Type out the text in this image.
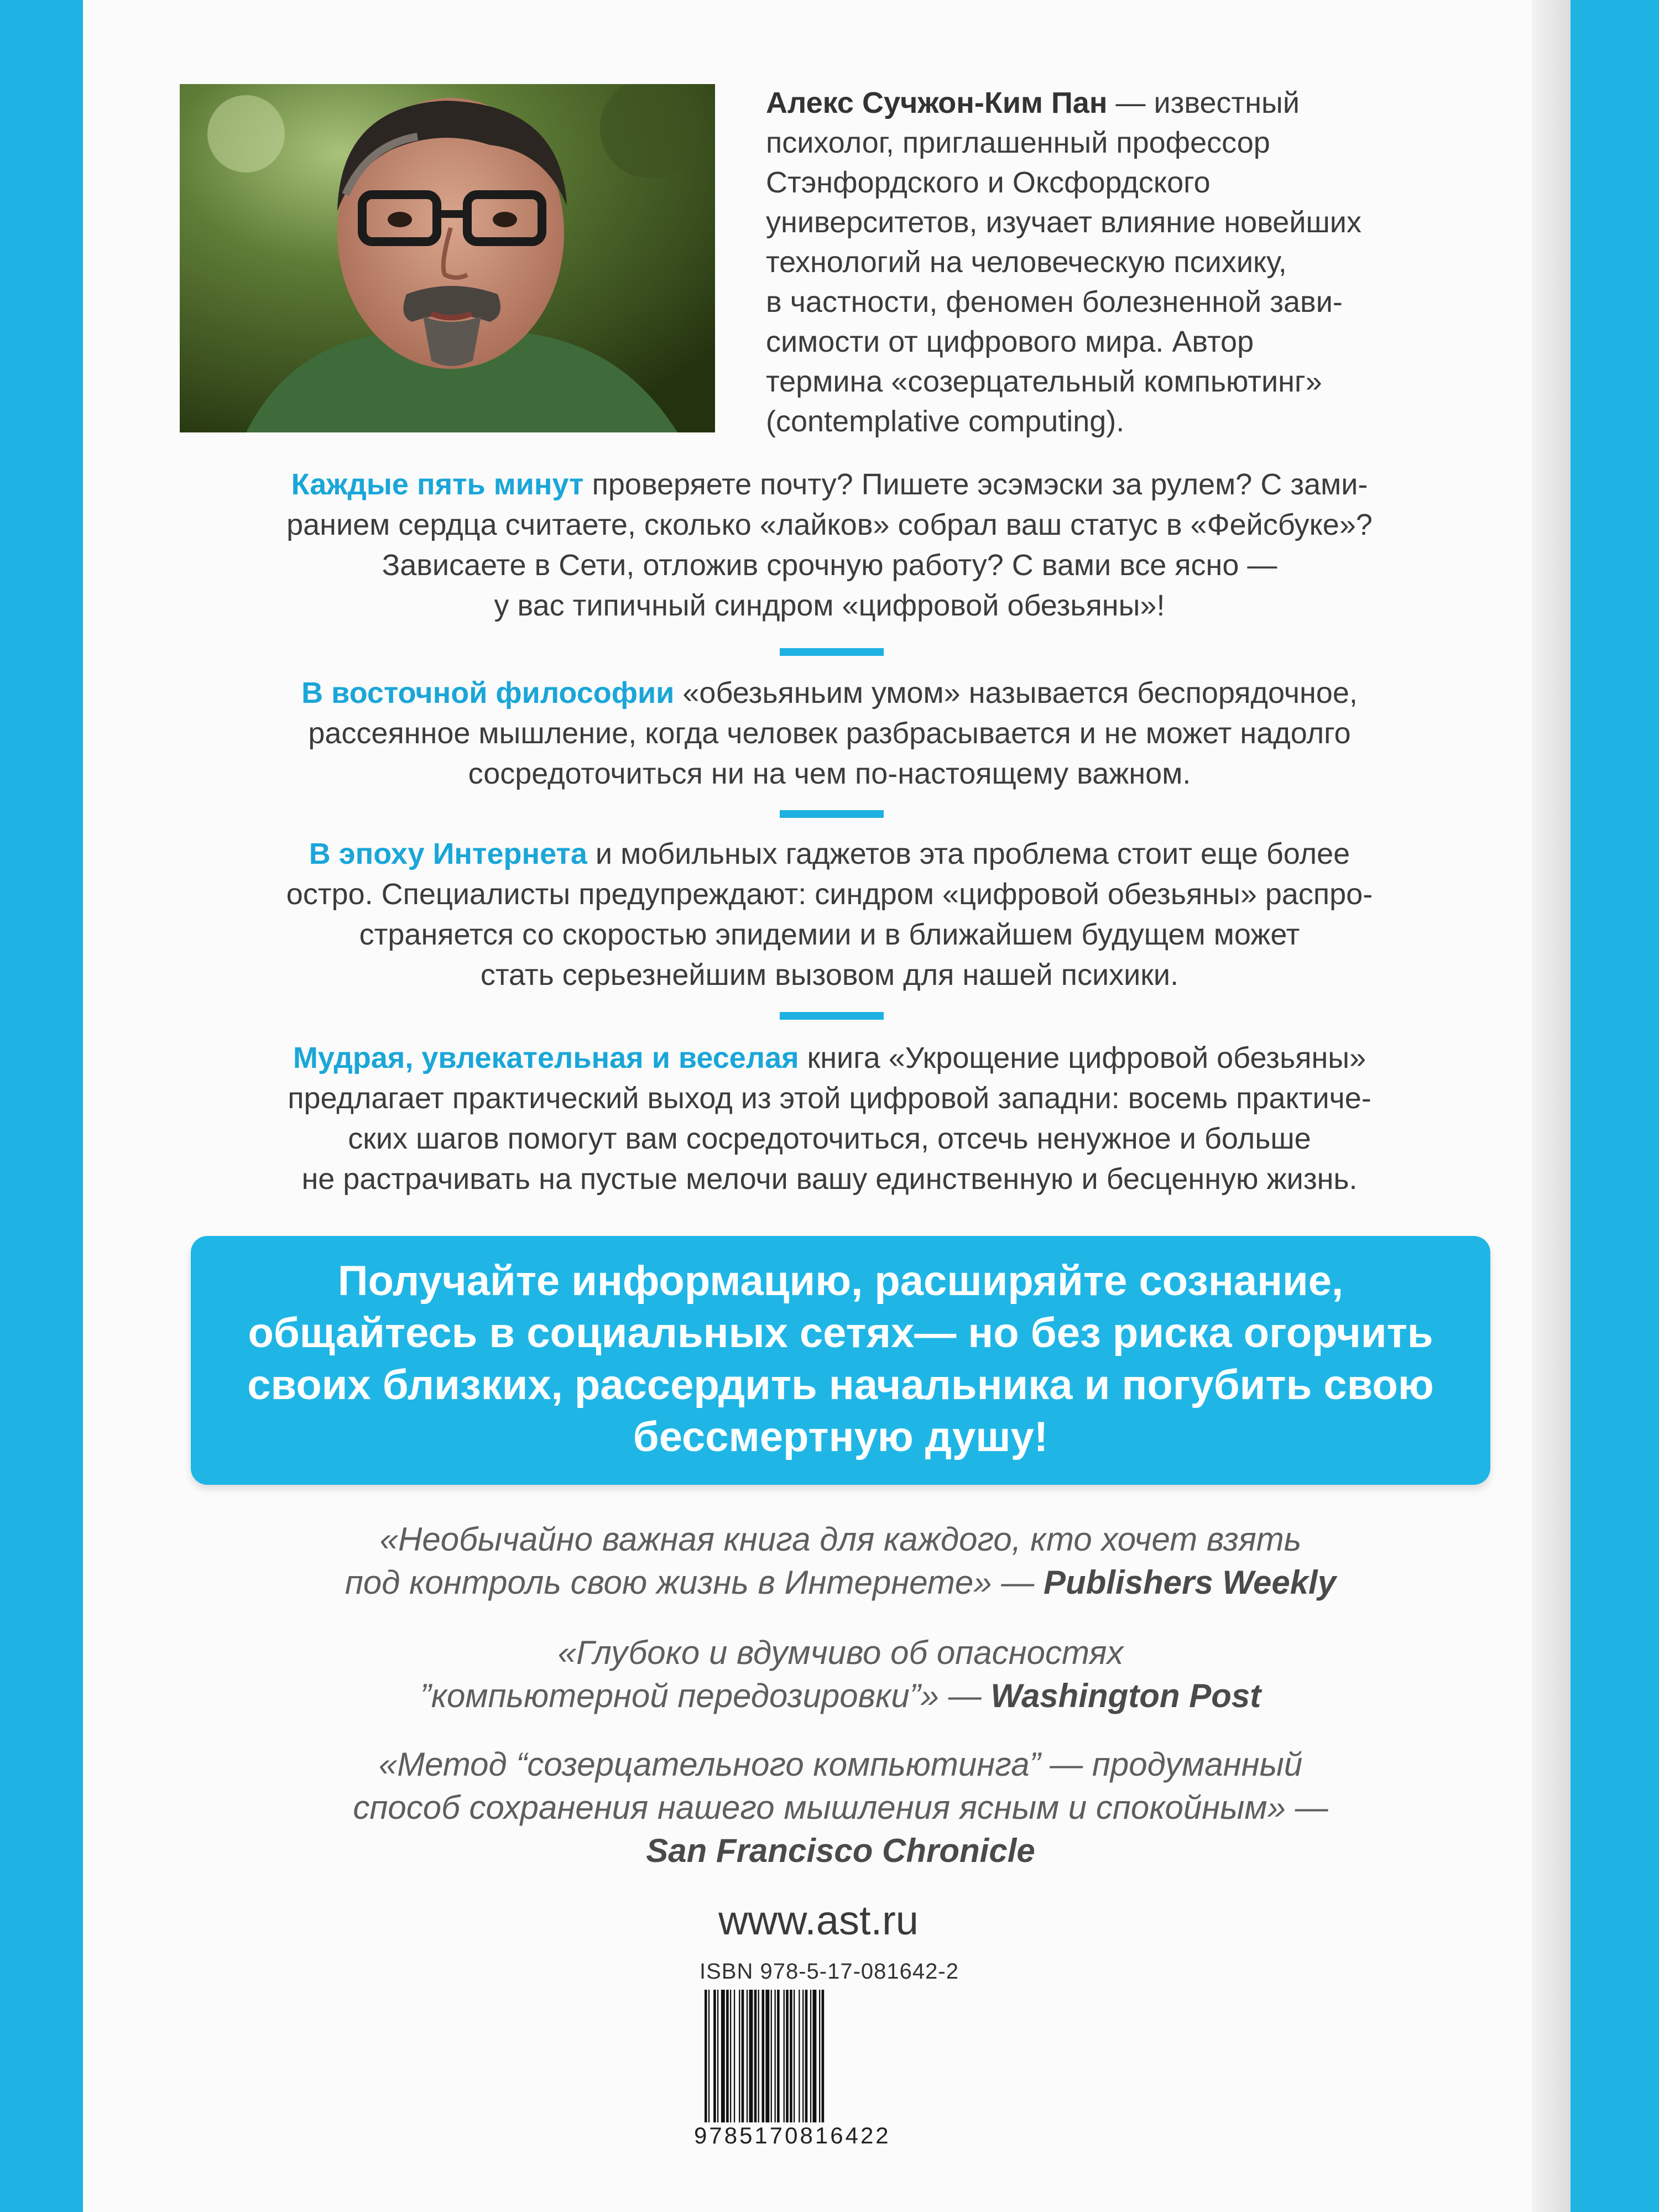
Алекс Сучжон-Ким Пан — известный
психолог, приглашенный профессор
Стэнфордского и Оксфордского
университетов, изучает влияние новейших
технологий на человеческую психику,
в частности, феномен болезненной зави-
симости от цифрового мира. Автор
термина «созерцательный компьютинг»
(contemplative computing).
Каждые пять минут проверяете почту? Пишете эсэмэски за рулем? С зами-
ранием сердца считаете, сколько «лайков» собрал ваш статус в «Фейсбуке»?
Зависаете в Сети, отложив срочную работу? С вами все ясно —
у вас типичный синдром «цифровой обезьяны»!
В восточной философии «обезьяньим умом» называется беспорядочное,
рассеянное мышление, когда человек разбрасывается и не может надолго
сосредоточиться ни на чем по-настоящему важном.
В эпоху Интернета и мобильных гаджетов эта проблема стоит еще более
остро. Специалисты предупреждают: синдром «цифровой обезьяны» распро-
страняется со скоростью эпидемии и в ближайшем будущем может
стать серьезнейшим вызовом для нашей психики.
Мудрая, увлекательная и веселая книга «Укрощение цифровой обезьяны»
предлагает практический выход из этой цифровой западни: восемь практиче-
ских шагов помогут вам сосредоточиться, отсечь ненужное и больше
не растрачивать на пустые мелочи вашу единственную и бесценную жизнь.
Получайте информацию, расширяйте сознание,
общайтесь в социальных сетях— но без риска огорчить
своих близких, рассердить начальника и погубить свою
бессмертную душу!
«Необычайно важная книга для каждого, кто хочет взять
под контроль свою жизнь в Интернете» — Publishers Weekly
«Глубоко и вдумчиво об опасностях
”компьютерной передозировки”» — Washington Post
«Метод “созерцательного компьютинга” — продуманный
способ сохранения нашего мышления ясным и спокойным» —
San Francisco Chronicle
www.ast.ru
ISBN 978-5-17-081642-2
9785170816422
